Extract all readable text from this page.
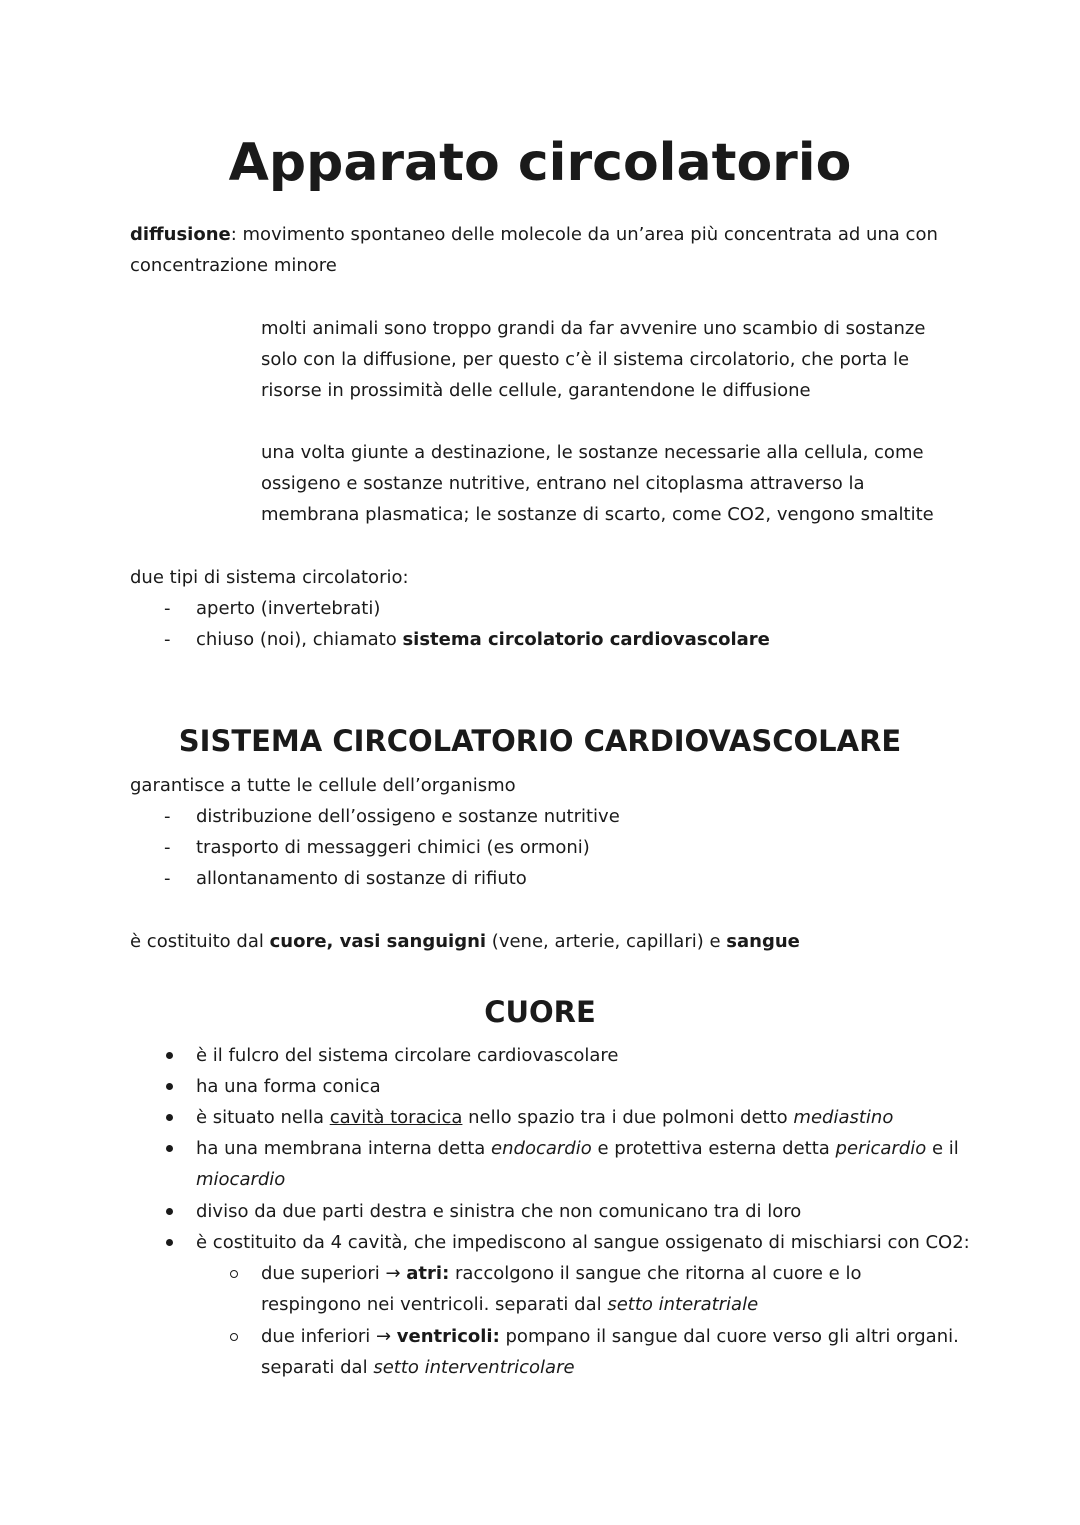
Apparato circolatorio
diffusione: movimento spontaneo delle molecole da un’area più concentrata ad una con
concentrazione minore
molti animali sono troppo grandi da far avvenire uno scambio di sostanze
solo con la diffusione, per questo c’è il sistema circolatorio, che porta le
risorse in prossimità delle cellule, garantendone le diffusione
una volta giunte a destinazione, le sostanze necessarie alla cellula, come
ossigeno e sostanze nutritive, entrano nel citoplasma attraverso la
membrana plasmatica; le sostanze di scarto, come CO2, vengono smaltite
due tipi di sistema circolatorio:
- aperto (invertebrati)
- chiuso (noi), chiamato sistema circolatorio cardiovascolare
SISTEMA CIRCOLATORIO CARDIOVASCOLARE
garantisce a tutte le cellule dell’organismo
- distribuzione dell’ossigeno e sostanze nutritive
- trasporto di messaggeri chimici (es ormoni)
- allontanamento di sostanze di rifiuto
è costituito dal cuore, vasi sanguigni (vene, arterie, capillari) e sangue
CUORE
è il fulcro del sistema circolare cardiovascolare
ha una forma conica
è situato nella cavità toracica nello spazio tra i due polmoni detto mediastino
ha una membrana interna detta endocardio e protettiva esterna detta pericardio e il
miocardio
diviso da due parti destra e sinistra che non comunicano tra di loro
è costituito da 4 cavità, che impediscono al sangue ossigenato di mischiarsi con CO2:
due superiori → atri: raccolgono il sangue che ritorna al cuore e lo
respingono nei ventricoli. separati dal setto interatriale
due inferiori → ventricoli: pompano il sangue dal cuore verso gli altri organi.
separati dal setto interventricolare
